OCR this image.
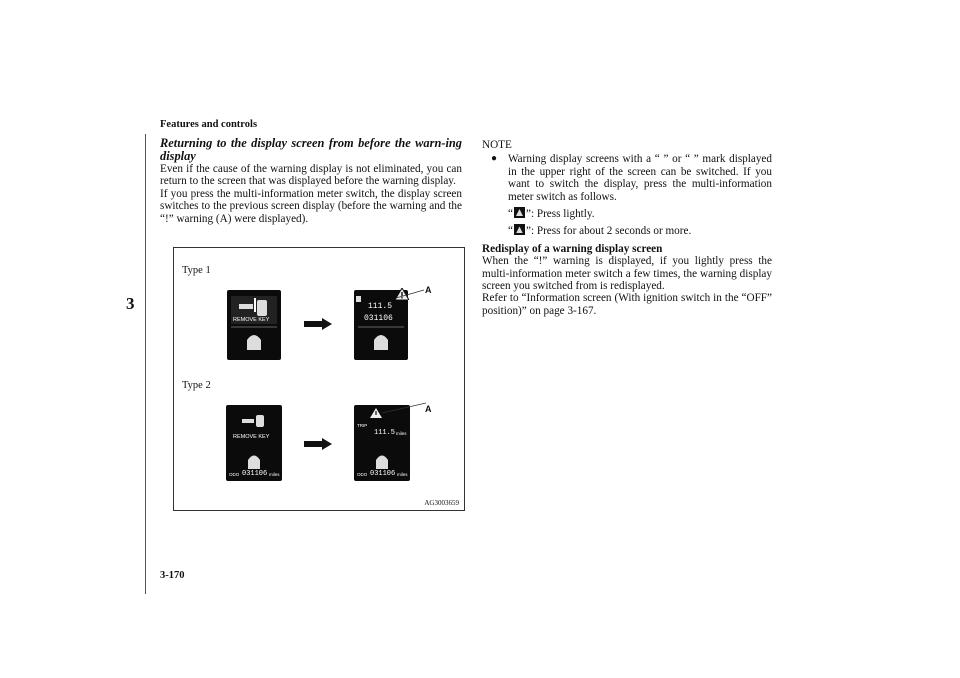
Features and controls
3

Returning to the display screen from before the warn-ing display

Even if the cause of the warning display is not eliminated, you can return to the screen that was displayed before the warning display.

If you press the multi-information meter switch, the display screen switches to the previous screen display (before the warning and the “!” warning (A) were displayed).

Type 1
Type 2
REMOVE KEY
111.5
031106
A
REMOVE KEY
ODO 031106 miles
TRIP
111.5 miles
ODO 031106 miles
A
AG3003659

NOTE

● Warning display screens with a “ ” or “ ” mark displayed in the upper right of the screen can be switched. If you want to switch the display, press the multi-information meter switch as follows.

“ ”: Press lightly.

“ ”: Press for about 2 seconds or more.

Redisplay of a warning display screen

When the “!” warning is displayed, if you lightly press the multi-information meter switch a few times, the warning display screen you switched from is redisplayed.

Refer to “Information screen (With ignition switch in the “OFF” position)” on page 3-167.

3-170
